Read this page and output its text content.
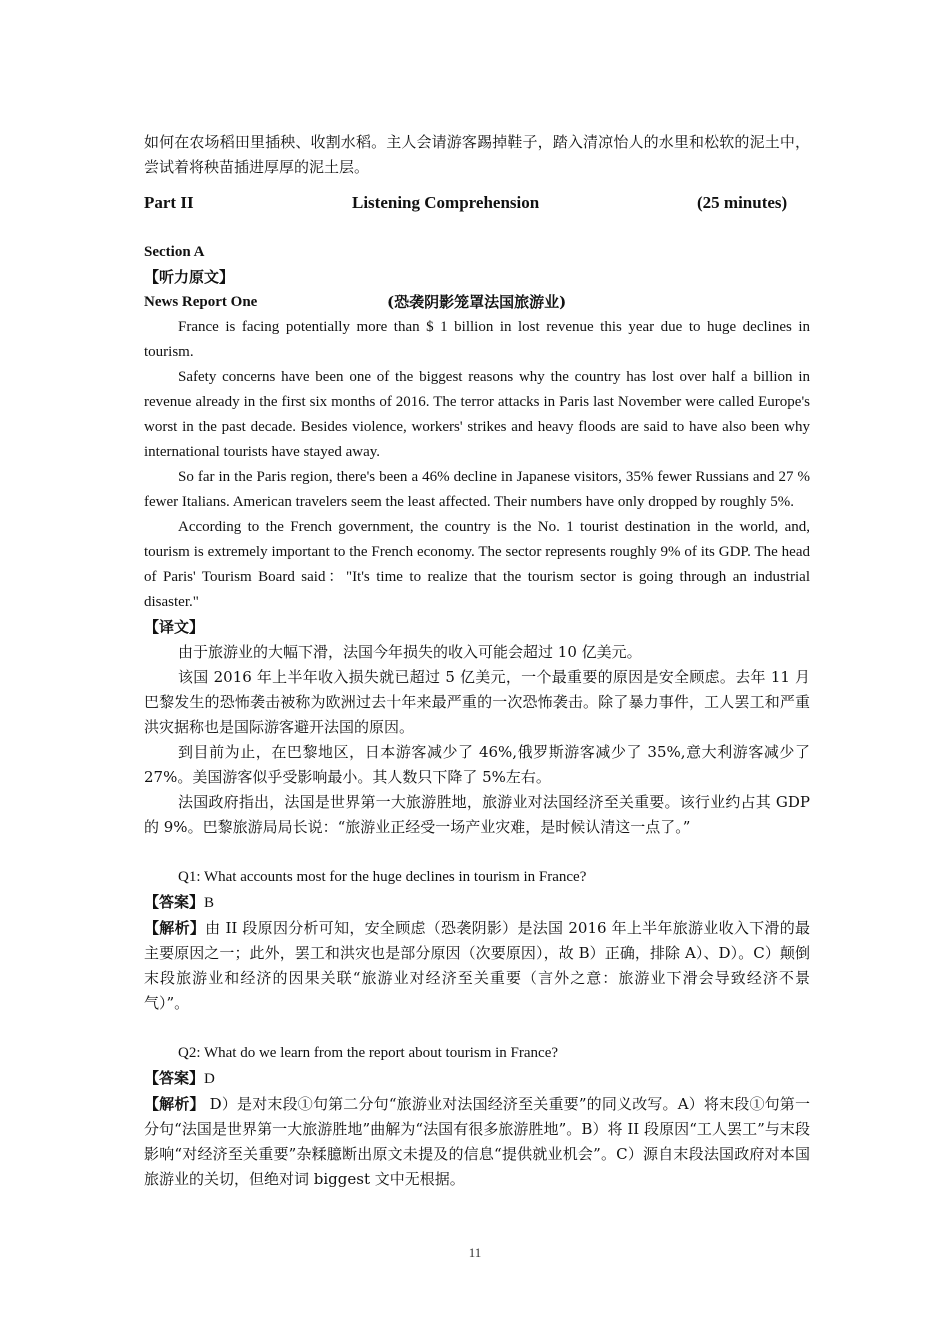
如何在农场稻田里插秧、收割水稻。主人会请游客踢掉鞋子，踏入清凉怡人的水里和松软的泥土中，尝试着将秧苗插进厚厚的泥土层。

Part II	Listening Comprehension	(25 minutes)

Section A

【听力原文】

News Report One	(恐袭阴影笼罩法国旅游业)

France is facing potentially more than $ 1 billion in lost revenue this year due to huge declines in tourism.

Safety concerns have been one of the biggest reasons why the country has lost over half a billion in revenue already in the first six months of 2016. The terror attacks in Paris last November were called Europe's worst in the past decade. Besides violence, workers' strikes and heavy floods are said to have also been why international tourists have stayed away.

So far in the Paris region, there's been a 46% decline in Japanese visitors, 35% fewer Russians and 27 % fewer Italians. American travelers seem the least affected. Their numbers have only dropped by roughly 5%.

According to the French government, the country is the No. 1 tourist destination in the world, and, tourism is extremely important to the French economy. The sector represents roughly 9% of its GDP. The head of Paris' Tourism Board said："It's time to realize that the tourism sector is going through an industrial disaster."

【译文】

由于旅游业的大幅下滑，法国今年损失的收入可能会超过 10 亿美元。

该国 2016 年上半年收入损失就已超过 5 亿美元，一个最重要的原因是安全顾虑。去年 11 月巴黎发生的恐怖袭击被称为欧洲过去十年来最严重的一次恐怖袭击。除了暴力事件，工人罢工和严重洪灾据称也是国际游客避开法国的原因。

到目前为止，在巴黎地区，日本游客减少了 46%,俄罗斯游客减少了 35%,意大利游客减少了 27%。美国游客似乎受影响最小。其人数只下降了 5%左右。

法国政府指出，法国是世界第一大旅游胜地，旅游业对法国经济至关重要。该行业约占其 GDP 的 9%。巴黎旅游局局长说：“旅游业正经受一场产业灾难，是时候认清这一点了。”

Q1: What accounts most for the huge declines in tourism in France?

【答案】B

【解析】由 II 段原因分析可知，安全顾虑（恐袭阴影）是法国 2016 年上半年旅游业收入下滑的最主要原因之一；此外，罢工和洪灾也是部分原因（次要原因），故 B）正确，排除 A）、D）。C）颠倒末段旅游业和经济的因果关联“旅游业对经济至关重要（言外之意：旅游业下滑会导致经济不景气）”。

Q2: What do we learn from the report about tourism in France?

【答案】D

【解析】 D）是对末段①句第二分句“旅游业对法国经济至关重要”的同义改写。A）将末段①句第一分句“法国是世界第一大旅游胜地”曲解为“法国有很多旅游胜地”。B）将 II 段原因“工人罢工”与末段影响“对经济至关重要”杂糅臆断出原文未提及的信息“提供就业机会”。C）源自末段法国政府对本国旅游业的关切，但绝对词 biggest 文中无根据。

11
